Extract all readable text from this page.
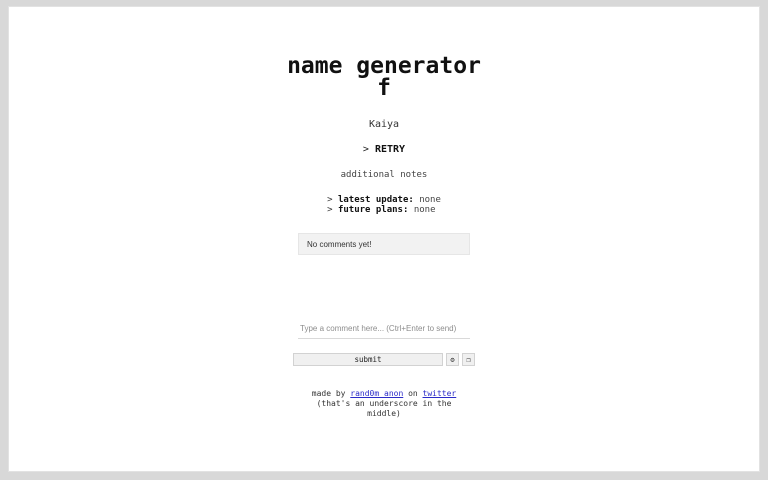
name generator f
Kaiya
> RETRY
additional notes
> latest update: none
> future plans: none
No comments yet!
Type a comment here... (Ctrl+Enter to send)
submit	⚙	❐
made by rand0m_anon on twitter
(that's an underscore in the middle)
